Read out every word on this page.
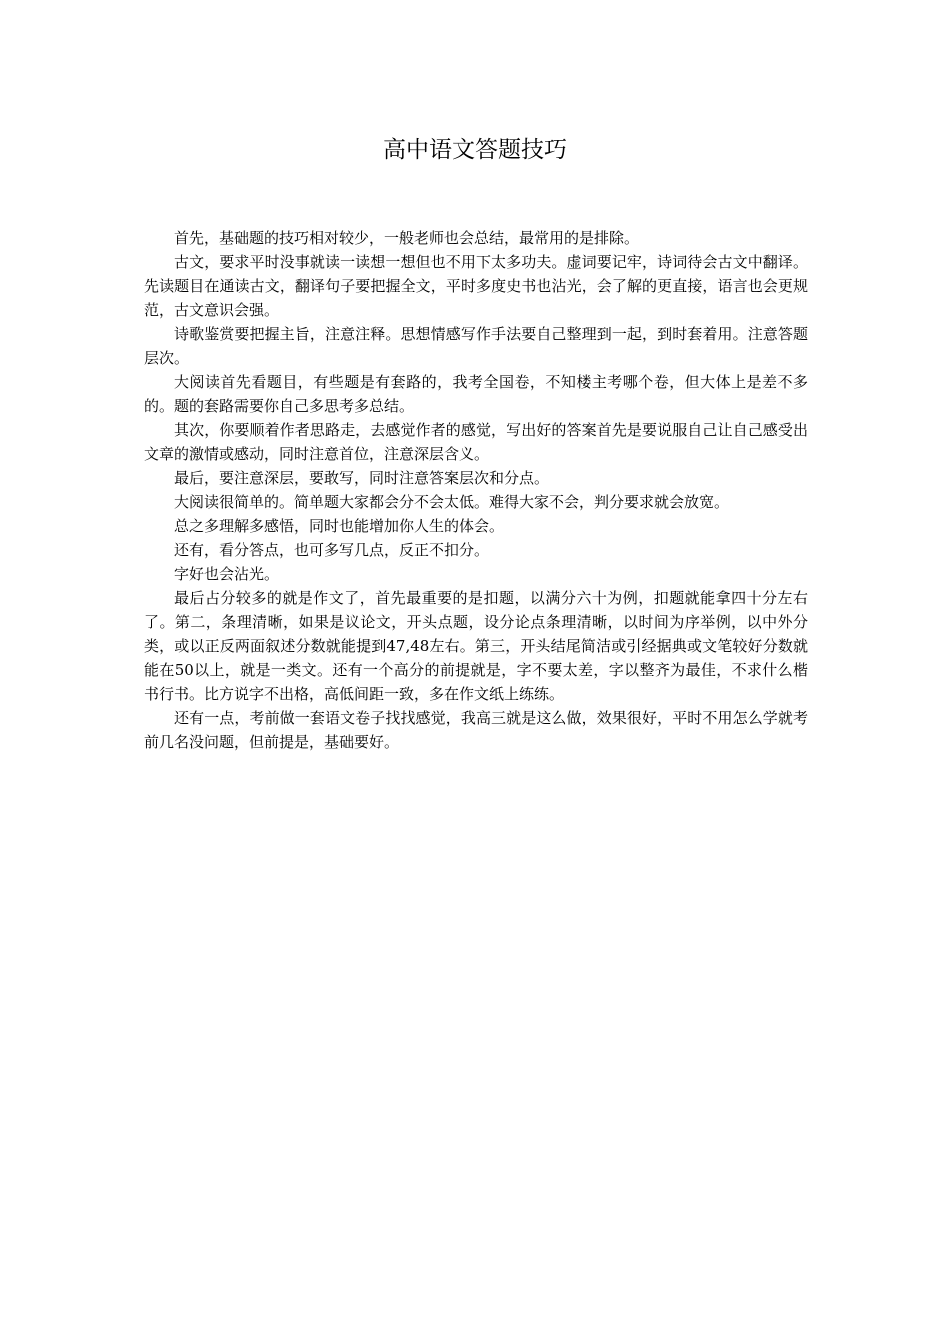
高中语文答题技巧

首先，基础题的技巧相对较少，一般老师也会总结，最常用的是排除。

古文，要求平时没事就读一读想一想但也不用下太多功夫。虚词要记牢，诗词待会古文中翻译。先读题目在通读古文，翻译句子要把握全文，平时多度史书也沾光，会了解的更直接，语言也会更规范，古文意识会强。

诗歌鉴赏要把握主旨，注意注释。思想情感写作手法要自己整理到一起，到时套着用。注意答题层次。

大阅读首先看题目，有些题是有套路的，我考全国卷，不知楼主考哪个卷，但大体上是差不多的。题的套路需要你自己多思考多总结。

其次，你要顺着作者思路走，去感觉作者的感觉，写出好的答案首先是要说服自己让自己感受出文章的激情或感动，同时注意首位，注意深层含义。

最后，要注意深层，要敢写，同时注意答案层次和分点。

大阅读很简单的。简单题大家都会分不会太低。难得大家不会，判分要求就会放宽。

总之多理解多感悟，同时也能增加你人生的体会。

还有，看分答点，也可多写几点，反正不扣分。

字好也会沾光。

最后占分较多的就是作文了，首先最重要的是扣题，以满分六十为例，扣题就能拿四十分左右了。第二，条理清晰，如果是议论文，开头点题，设分论点条理清晰，以时间为序举例，以中外分类，或以正反两面叙述分数就能提到47,48左右。第三，开头结尾简洁或引经据典或文笔较好分数就能在50以上，就是一类文。还有一个高分的前提就是，字不要太差，字以整齐为最佳，不求什么楷书行书。比方说字不出格，高低间距一致，多在作文纸上练练。

还有一点，考前做一套语文卷子找找感觉，我高三就是这么做，效果很好，平时不用怎么学就考前几名没问题，但前提是，基础要好。
